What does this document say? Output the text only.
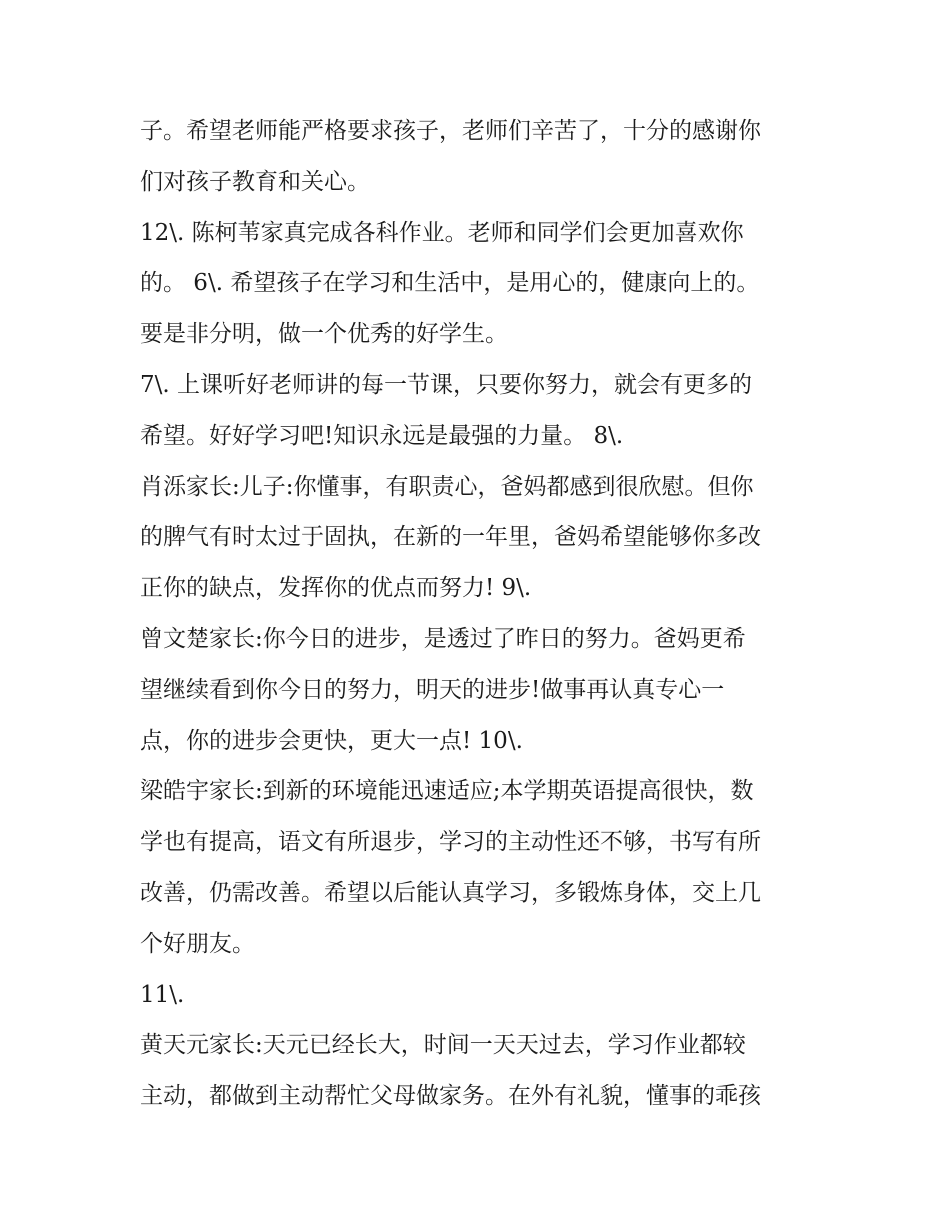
子。希望老师能严格要求孩子，老师们辛苦了，十分的感谢你
们对孩子教育和关心。
12\. 陈柯苇家真完成各科作业。老师和同学们会更加喜欢你
的。 6\. 希望孩子在学习和生活中，是用心的，健康向上的。
要是非分明，做一个优秀的好学生。
7\. 上课听好老师讲的每一节课，只要你努力，就会有更多的
希望。好好学习吧!知识永远是最强的力量。 8\.
肖泺家长:儿子:你懂事，有职责心，爸妈都感到很欣慰。但你
的脾气有时太过于固执，在新的一年里，爸妈希望能够你多改
正你的缺点，发挥你的优点而努力! 9\.
曾文楚家长:你今日的进步，是透过了昨日的努力。爸妈更希
望继续看到你今日的努力，明天的进步!做事再认真专心一
点，你的进步会更快，更大一点! 10\.
梁皓宇家长:到新的环境能迅速适应;本学期英语提高很快，数
学也有提高，语文有所退步，学习的主动性还不够，书写有所
改善，仍需改善。希望以后能认真学习，多锻炼身体，交上几
个好朋友。
11\.
黄天元家长:天元已经长大，时间一天天过去，学习作业都较
主动，都做到主动帮忙父母做家务。在外有礼貌，懂事的乖孩
